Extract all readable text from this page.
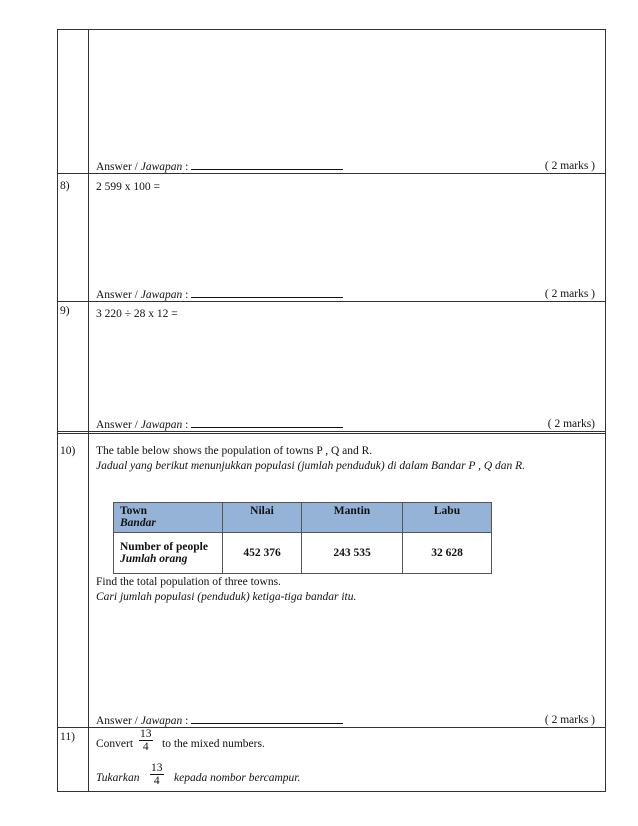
Answer / Jawapan :	( 2 marks )
8) 2 599 x 100 =
Answer / Jawapan :	( 2 marks )
9) 3 220 ÷ 28 x 12 =
Answer / Jawapan :	( 2 marks)
10) The table below shows the population of towns P , Q and R.
Jadual yang berikut menunjukkan populasi (jumlah penduduk) di dalam Bandar P , Q dan R.
Town
Bandar	Nilai	Mantin	Labu

Number of people
Jumlah orang	452 376	243 535	32 628
Find the total population of three towns.
Cari jumlah populasi (penduduk) ketiga-tiga bandar itu.
Answer / Jawapan :	( 2 marks )
11)
Convert $\frac{13}{4}$ to the mixed numbers.
Tukarkan $\frac{13}{4}$ kepada nombor bercampur.
